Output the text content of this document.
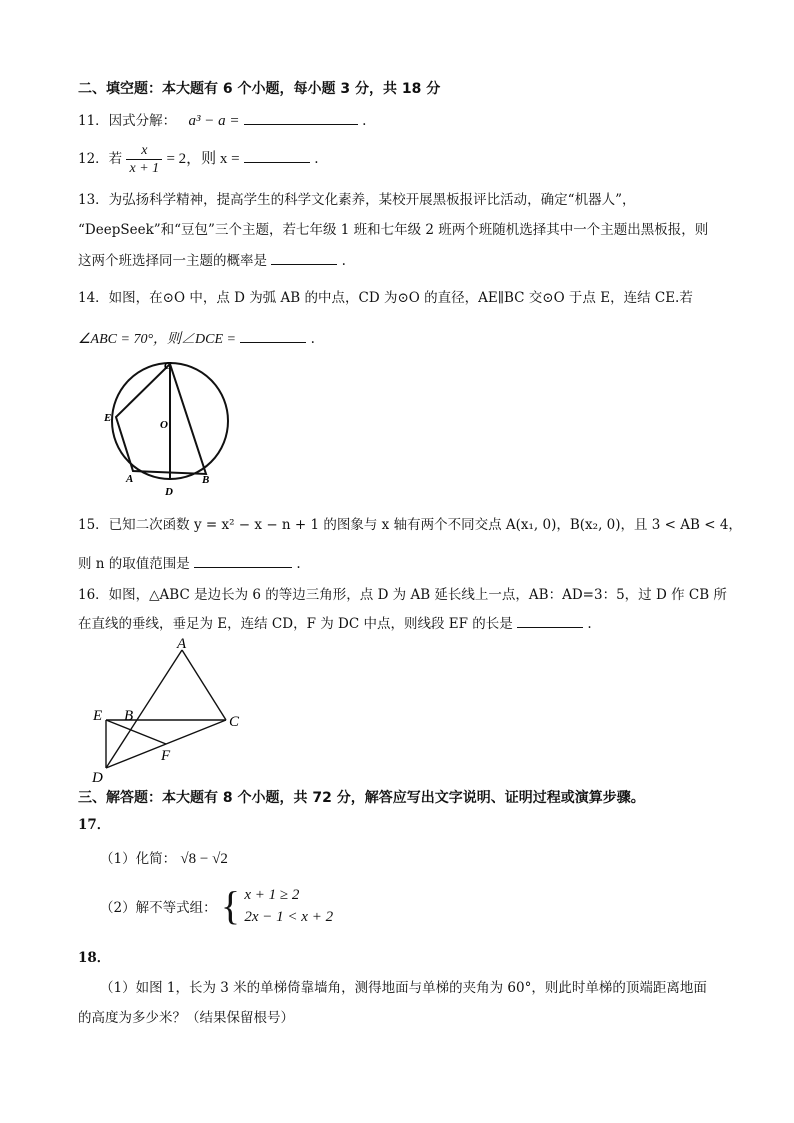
二、填空题：本大题有 6 个小题，每小题 3 分，共 18 分
11．因式分解： a³ − a =	.
12．若 $\frac{x}{x + 1} = 2$，则 x =	.
13．为弘扬科学精神，提高学生的科学文化素养，某校开展黑板报评比活动，确定“机器人”，
“DeepSeek”和“豆包”三个主题，若七年级 1 班和七年级 2 班两个班随机选择其中一个主题出黑板报，则
这两个班选择同一主题的概率是	.
14．如图，在⊙O 中，点 D 为弧 AB 的中点，CD 为⊙O 的直径，AE∥BC 交⊙O 于点 E，连结 CE.若
∠ABC = 70°，则∠DCE =	.
C
E
O
A	B
D
15．已知二次函数 y = x² − x − n + 1 的图象与 x 轴有两个不同交点 A(x₁, 0)，B(x₂, 0)，且 3 < AB < 4，
则 n 的取值范围是	.
16．如图，△ABC 是边长为 6 的等边三角形，点 D 为 AB 延长线上一点，AB：AD=3：5，过 D 作 CB 所
在直线的垂线，垂足为 E，连结 CD，F 为 DC 中点，则线段 EF 的长是	.
A
E B	C
F
D
三、解答题：本大题有 8 个小题，共 72 分，解答应写出文字说明、证明过程或演算步骤。
17．
（1）化简： √8 − √2
（2）解不等式组： { x + 1 ≥ 2
2x − 1 < x + 2
18．
（1）如图 1，长为 3 米的单梯倚靠墙角，测得地面与单梯的夹角为 60°，则此时单梯的顶端距离地面
的高度为多少米？（结果保留根号）
